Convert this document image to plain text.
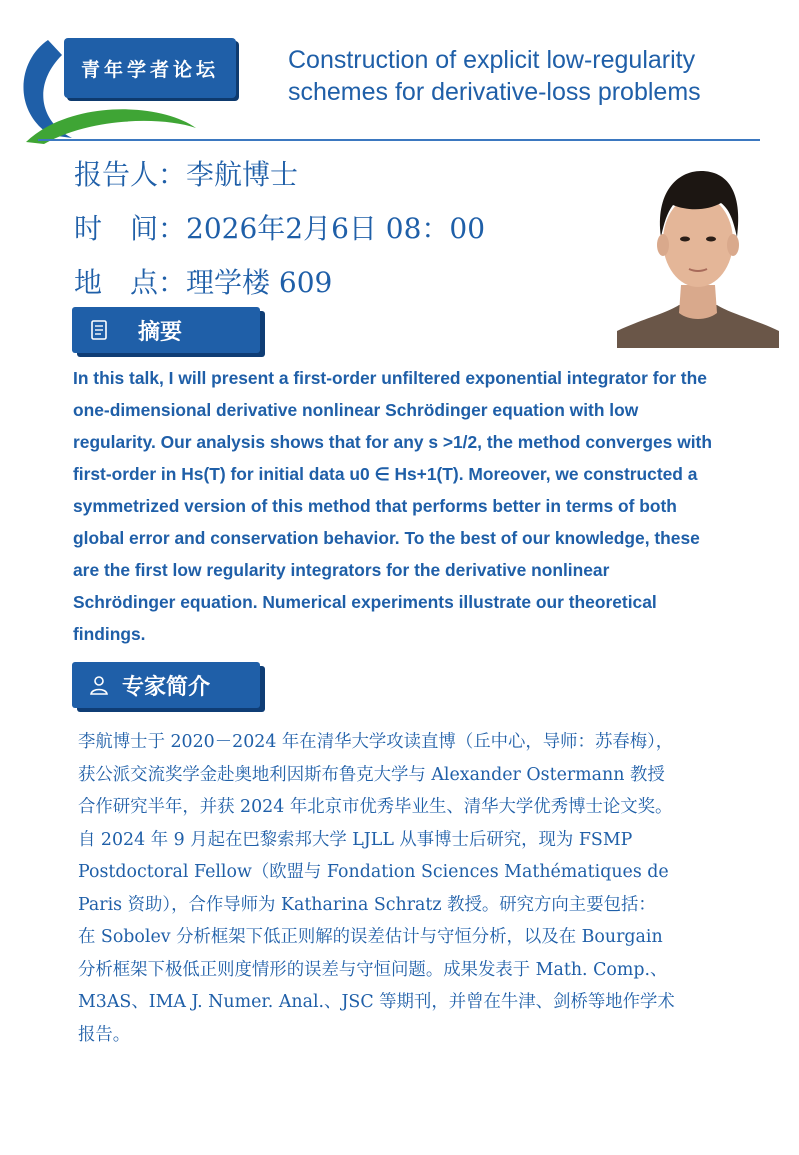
青年学者论坛	Construction of explicit low-regularity
schemes for derivative-loss problems
报告人：李航博士
时　间：2026年2月6日 08：00
地　点：理学楼 609
摘要
In this talk, I will present a first-order unfiltered exponential integrator for the
one-dimensional derivative nonlinear Schrödinger equation with low
regularity. Our analysis shows that for any s >1/2, the method converges with
first-order in Hs(T) for initial data u0 ∈ Hs+1(T). Moreover, we constructed a
symmetrized version of this method that performs better in terms of both
global error and conservation behavior. To the best of our knowledge, these
are the first low regularity integrators for the derivative nonlinear
Schrödinger equation. Numerical experiments illustrate our theoretical
findings.
专家简介
李航博士于 2020－2024 年在清华大学攻读直博（丘中心，导师：苏春梅），
获公派交流奖学金赴奥地利因斯布鲁克大学与 Alexander Ostermann 教授
合作研究半年，并获 2024 年北京市优秀毕业生、清华大学优秀博士论文奖。
自 2024 年 9 月起在巴黎索邦大学 LJLL 从事博士后研究，现为 FSMP
Postdoctoral Fellow（欧盟与 Fondation Sciences Mathématiques de
Paris 资助），合作导师为 Katharina Schratz 教授。研究方向主要包括：
在 Sobolev 分析框架下低正则解的误差估计与守恒分析，以及在 Bourgain
分析框架下极低正则度情形的误差与守恒问题。成果发表于 Math. Comp.、
M3AS、IMA J. Numer. Anal.、JSC 等期刊，并曾在牛津、剑桥等地作学术
报告。
